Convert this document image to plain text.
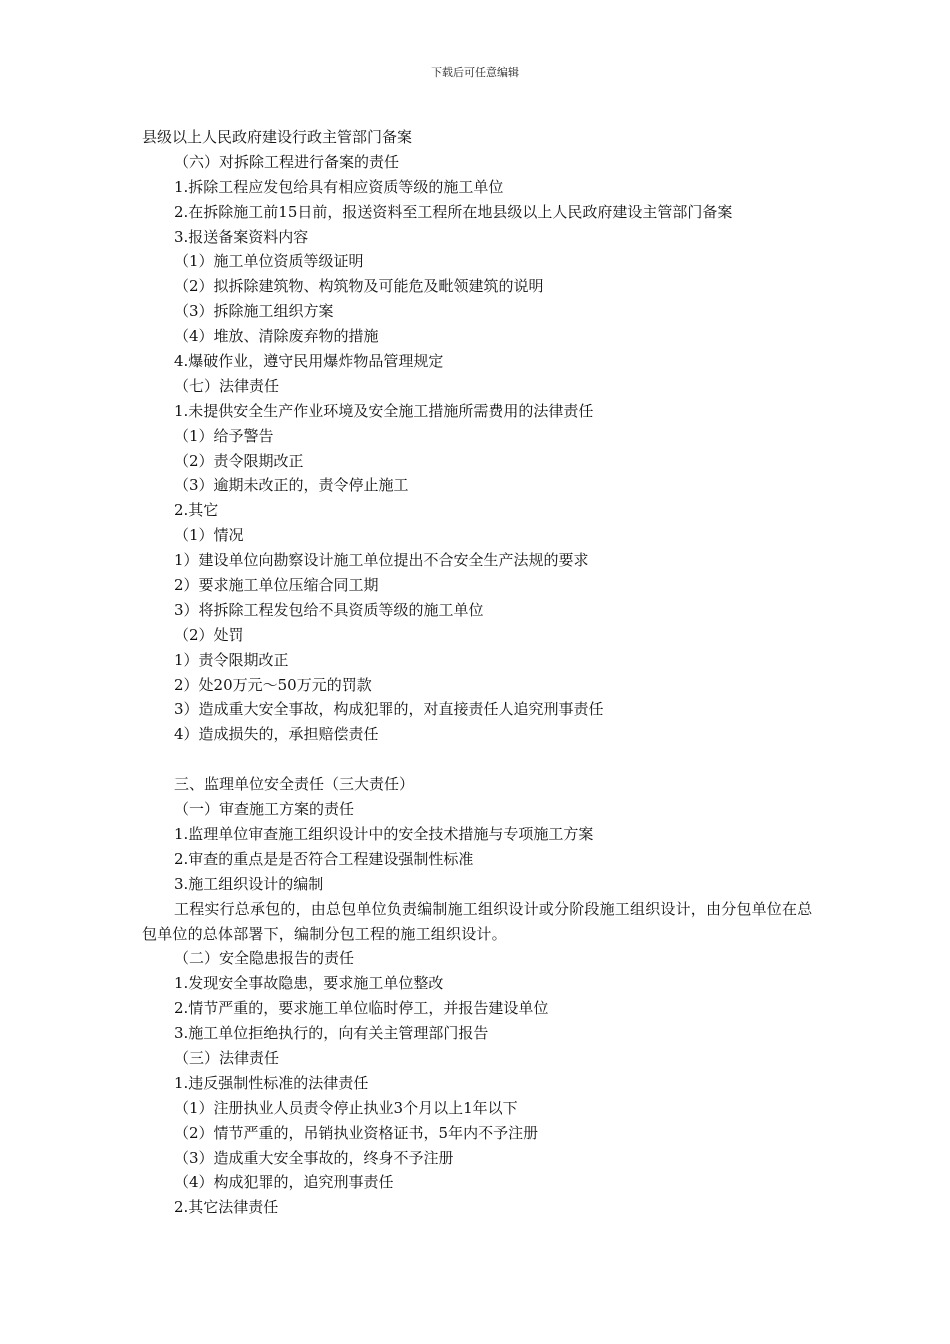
下载后可任意编辑
县级以上人民政府建设行政主管部门备案
（六）对拆除工程进行备案的责任
1.拆除工程应发包给具有相应资质等级的施工单位
2.在拆除施工前15日前，报送资料至工程所在地县级以上人民政府建设主管部门备案
3.报送备案资料内容
（1）施工单位资质等级证明
（2）拟拆除建筑物、构筑物及可能危及毗领建筑的说明
（3）拆除施工组织方案
（4）堆放、清除废弃物的措施
4.爆破作业，遵守民用爆炸物品管理规定
（七）法律责任
1.未提供安全生产作业环境及安全施工措施所需费用的法律责任
（1）给予警告
（2）责令限期改正
（3）逾期未改正的，责令停止施工
2.其它
（1）情况
1）建设单位向勘察设计施工单位提出不合安全生产法规的要求
2）要求施工单位压缩合同工期
3）将拆除工程发包给不具资质等级的施工单位
（2）处罚
1）责令限期改正
2）处20万元～50万元的罚款
3）造成重大安全事故，构成犯罪的，对直接责任人追究刑事责任
4）造成损失的，承担赔偿责任
三、监理单位安全责任（三大责任）
（一）审查施工方案的责任
1.监理单位审查施工组织设计中的安全技术措施与专项施工方案
2.审查的重点是是否符合工程建设强制性标准
3.施工组织设计的编制
工程实行总承包的，由总包单位负责编制施工组织设计或分阶段施工组织设计，由分包单位在总包单位的总体部署下，编制分包工程的施工组织设计。
（二）安全隐患报告的责任
1.发现安全事故隐患，要求施工单位整改
2.情节严重的，要求施工单位临时停工，并报告建设单位
3.施工单位拒绝执行的，向有关主管理部门报告
（三）法律责任
1.违反强制性标准的法律责任
（1）注册执业人员责令停止执业3个月以上1年以下
（2）情节严重的，吊销执业资格证书，5年内不予注册
（3）造成重大安全事故的，终身不予注册
（4）构成犯罪的，追究刑事责任
2.其它法律责任
